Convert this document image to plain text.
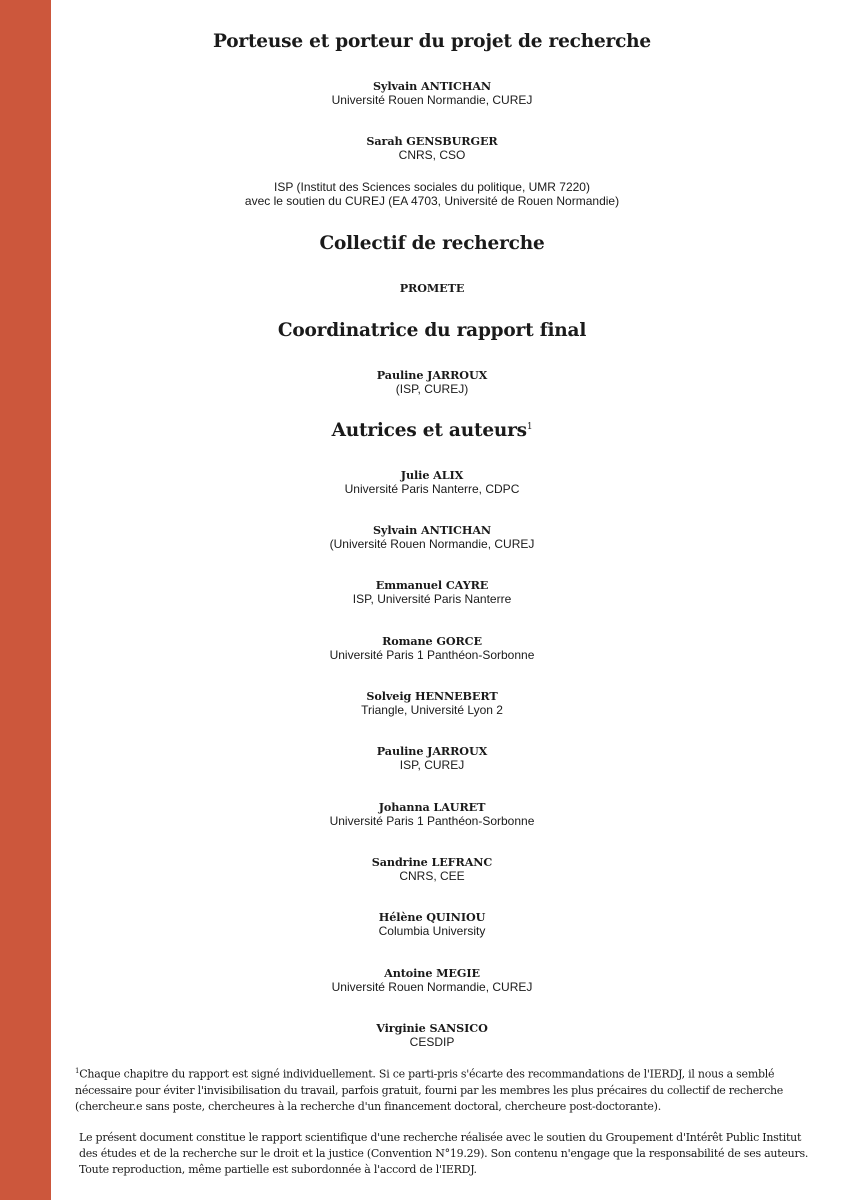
Porteuse et porteur du projet de recherche
Sylvain ANTICHAN
Université Rouen Normandie, CUREJ
Sarah GENSBURGER
CNRS, CSO
ISP (Institut des Sciences sociales du politique, UMR 7220)
avec le soutien du CUREJ (EA 4703, Université de Rouen Normandie)
Collectif de recherche
PROMETE
Coordinatrice du rapport final
Pauline JARROUX
(ISP, CUREJ)
Autrices et auteurs$^1$
Julie ALIX
Université Paris Nanterre, CDPC
Sylvain ANTICHAN
(Université Rouen Normandie, CUREJ
Emmanuel CAYRE
ISP, Université Paris Nanterre
Romane GORCE
Université Paris 1 Panthéon-Sorbonne
Solveig HENNEBERT
Triangle, Université Lyon 2
Pauline JARROUX
ISP, CUREJ
Johanna LAURET
Université Paris 1 Panthéon-Sorbonne
Sandrine LEFRANC
CNRS, CEE
Hélène QUINIOU
Columbia University
Antoine MEGIE
Université Rouen Normandie, CUREJ
Virginie SANSICO
CESDIP
$^1$Chaque chapitre du rapport est signé individuellement. Si ce parti-pris s'écarte des recommandations de l'IERDJ, il nous a semblé nécessaire pour éviter l'invisibilisation du travail, parfois gratuit, fourni par les membres les plus précaires du collectif de recherche (chercheur.e sans poste, chercheures à la recherche d'un financement doctoral, chercheure post-doctorante).
Le présent document constitue le rapport scientifique d'une recherche réalisée avec le soutien du Groupement d'Intérêt Public Institut des études et de la recherche sur le droit et la justice (Convention N°19.29). Son contenu n'engage que la responsabilité de ses auteurs. Toute reproduction, même partielle est subordonnée à l'accord de l'IERDJ.
